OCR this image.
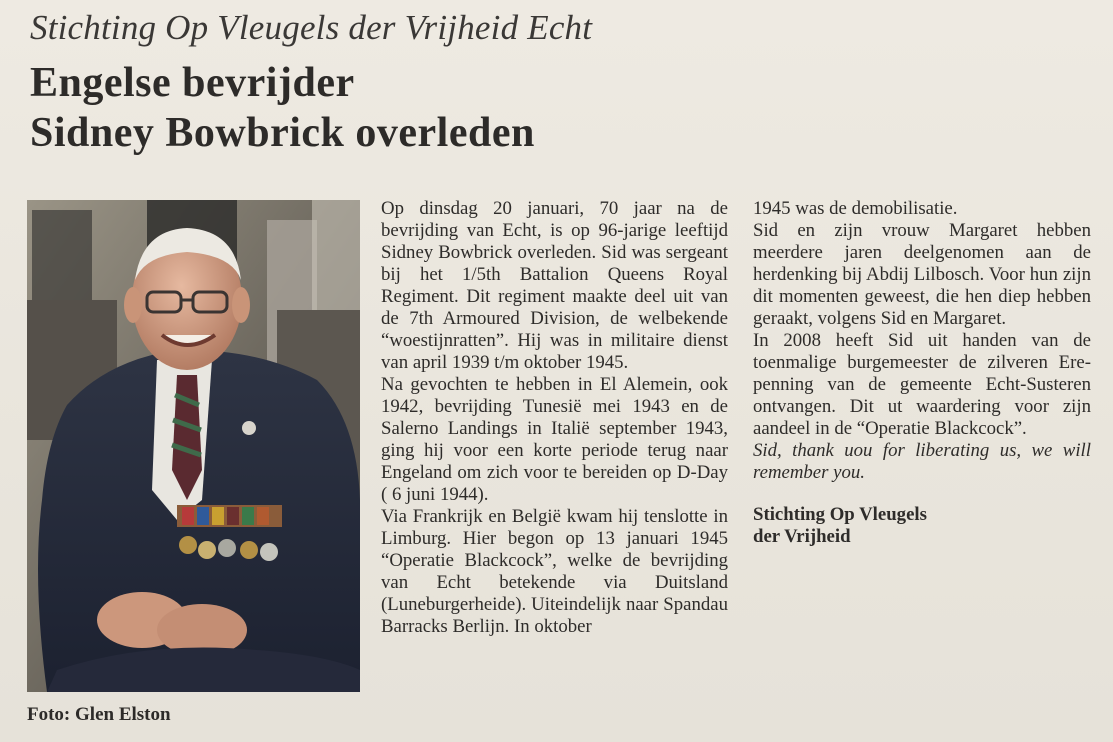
Stichting Op Vleugels der Vrijheid Echt
Engelse bevrijder
Sidney Bowbrick overleden
Foto: Glen Elston

Op dinsdag 20 januari, 70 jaar na de bevrijding van Echt, is op 96-jarige leeftijd Sidney Bowbrick overleden. Sid was sergeant bij het 1/5th Battalion Queens Royal Regiment. Dit regiment maakte deel uit van de 7th Armoured Division, de welbekende “woestijnratten”. Hij was in militaire dienst van april 1939 t/m oktober 1945.

Na gevochten te hebben in El Alemein, ook 1942, bevrijding Tunesië mei 1943 en de Salerno Landings in Italië september 1943, ging hij voor een korte periode terug naar Engeland om zich voor te bereiden op D-Day ( 6 juni 1944).

Via Frankrijk en België kwam hij tenslotte in Limburg. Hier begon op 13 januari 1945 “Operatie Blackcock”, welke de bevrijding van Echt betekende via Duitsland (Luneburgerheide). Uiteindelijk naar Spandau Barracks Berlijn. In oktober

1945 was de demobilisatie.

Sid en zijn vrouw Margaret hebben meerdere jaren deelgenomen aan de herdenking bij Abdij Lilbosch. Voor hun zijn dit momenten geweest, die hen diep hebben geraakt, volgens Sid en Margaret.

In 2008 heeft Sid uit handen van de toenmalige burgemeester de zilveren Ere-penning van de gemeente Echt-Susteren ontvangen. Dit ut waardering voor zijn aandeel in de “Operatie Blackcock”.

Sid, thank uou for liberating us, we will remember you.

Stichting Op Vleugels
der Vrijheid
